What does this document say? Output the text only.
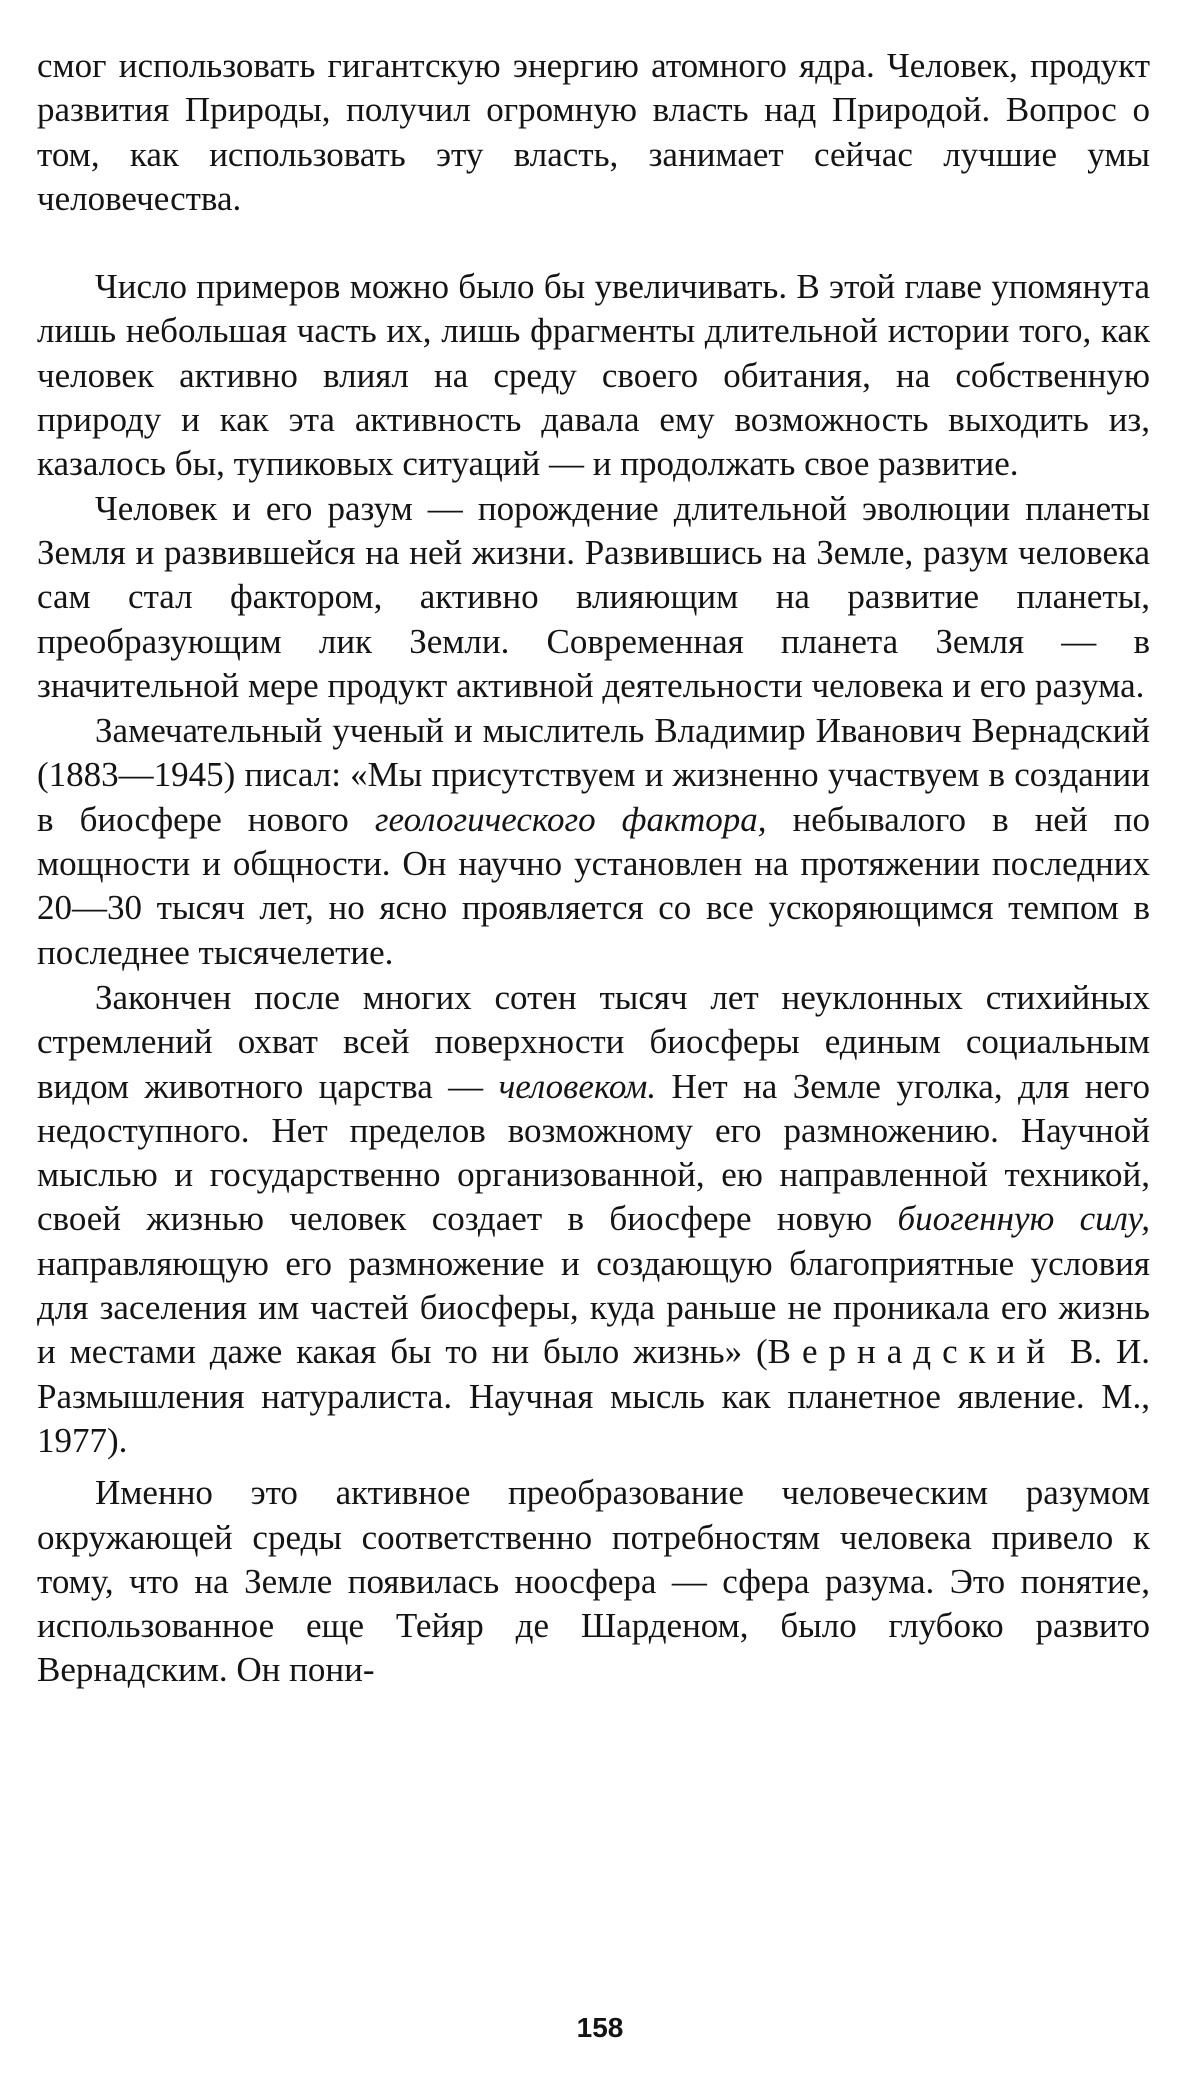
смог использовать гигантскую энергию атомного ядра. Человек, продукт развития Природы, получил огромную власть над Природой. Вопрос о том, как использовать эту власть, занимает сейчас лучшие умы человечества.

Число примеров можно было бы увеличивать. В этой главе упомянута лишь небольшая часть их, лишь фрагменты длительной истории того, как человек активно влиял на среду своего обитания, на собственную природу и как эта активность давала ему возможность выходить из, казалось бы, тупиковых ситуаций — и продолжать свое развитие.

Человек и его разум — порождение длительной эволюции планеты Земля и развившейся на ней жизни. Развившись на Земле, разум человека сам стал фактором, активно влияющим на развитие планеты, преобразующим лик Земли. Современная планета Земля — в значительной мере продукт активной деятельности человека и его разума.

Замечательный ученый и мыслитель Владимир Иванович Вернадский (1883—1945) писал: «Мы присутствуем и жизненно участвуем в создании в биосфере нового геологического фактора, небывалого в ней по мощности и общности. Он научно установлен на протяжении последних 20—30 тысяч лет, но ясно проявляется со все ускоряющимся темпом в последнее тысячелетие.

Закончен после многих сотен тысяч лет неуклонных стихийных стремлений охват всей поверхности биосферы единым социальным видом животного царства — человеком. Нет на Земле уголка, для него недоступного. Нет пределов возможному его размножению. Научной мыслью и государственно организованной, ею направленной техникой, своей жизнью человек создает в биосфере новую биогенную силу, направляющую его размножение и создающую благоприятные условия для заселения им частей биосферы, куда раньше не проникала его жизнь и местами даже какая бы то ни было жизнь» (Вернадский В. И. Размышления натуралиста. Научная мысль как планетное явление. М., 1977).

Именно это активное преобразование человеческим разумом окружающей среды соответственно потребностям человека привело к тому, что на Земле появилась ноосфера — сфера разума. Это понятие, использованное еще Тейяр де Шарденом, было глубоко развито Вернадским. Он пони-

158
